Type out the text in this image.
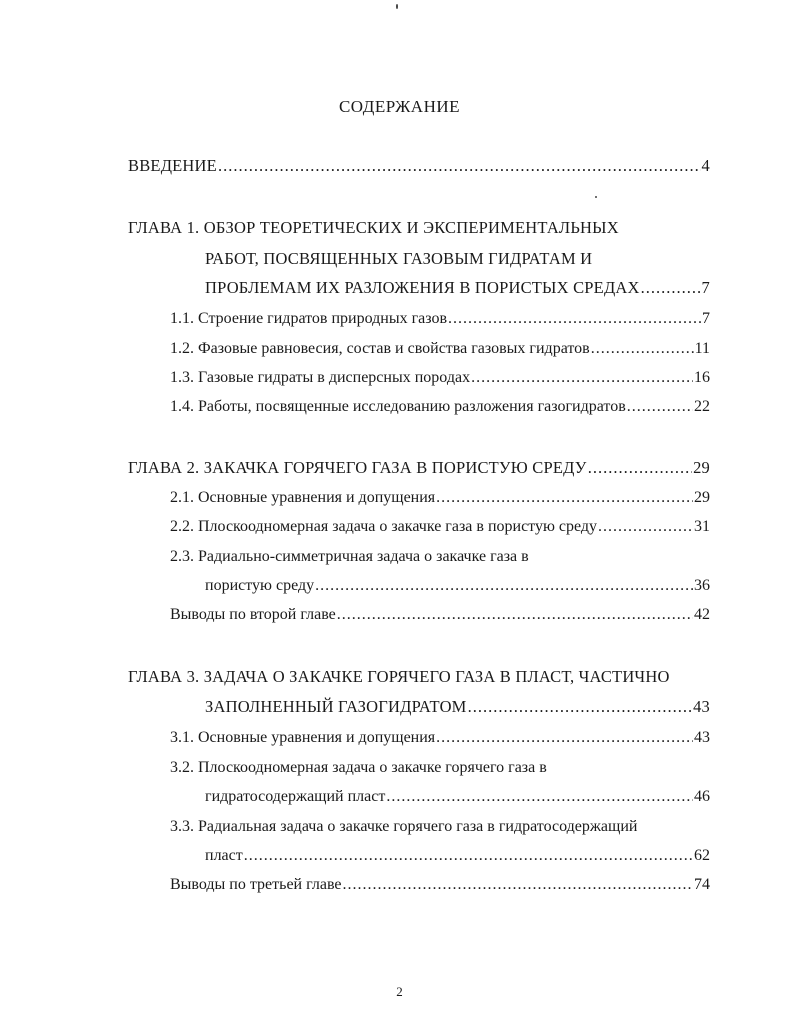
СОДЕРЖАНИЕ
ВВЕДЕНИЕ .....	4
ГЛАВА 1. ОБЗОР ТЕОРЕТИЧЕСКИХ И ЭКСПЕРИМЕНТАЛЬНЫХ
РАБОТ, ПОСВЯЩЕННЫХ ГАЗОВЫМ ГИДРАТАМ И
ПРОБЛЕМАМ ИХ РАЗЛОЖЕНИЯ В ПОРИСТЫХ СРЕДАХ .....	7
1.1. Строение гидратов природных газов .....	7
1.2. Фазовые равновесия, состав и свойства газовых гидратов .....	11
1.3. Газовые гидраты в дисперсных породах .....	16
1.4. Работы, посвященные исследованию разложения газогидратов .....	22
ГЛАВА 2. ЗАКАЧКА ГОРЯЧЕГО ГАЗА В ПОРИСТУЮ СРЕДУ .....	29
2.1. Основные уравнения и допущения .....	29
2.2. Плоскоодномерная задача о закачке газа в пористую среду .....	31
2.3. Радиально-симметричная задача о закачке газа в
пористую среду .....	36
Выводы по второй главе .....	42
ГЛАВА 3. ЗАДАЧА О ЗАКАЧКЕ ГОРЯЧЕГО ГАЗА В ПЛАСТ, ЧАСТИЧНО
ЗАПОЛНЕННЫЙ ГАЗОГИДРАТОМ .....	43
3.1. Основные уравнения и допущения .....	43
3.2. Плоскоодномерная задача о закачке горячего газа в
гидратосодержащий пласт .....	46
3.3. Радиальная задача о закачке горячего газа в гидратосодержащий
пласт .....	62
Выводы по третьей главе .....	74
2
